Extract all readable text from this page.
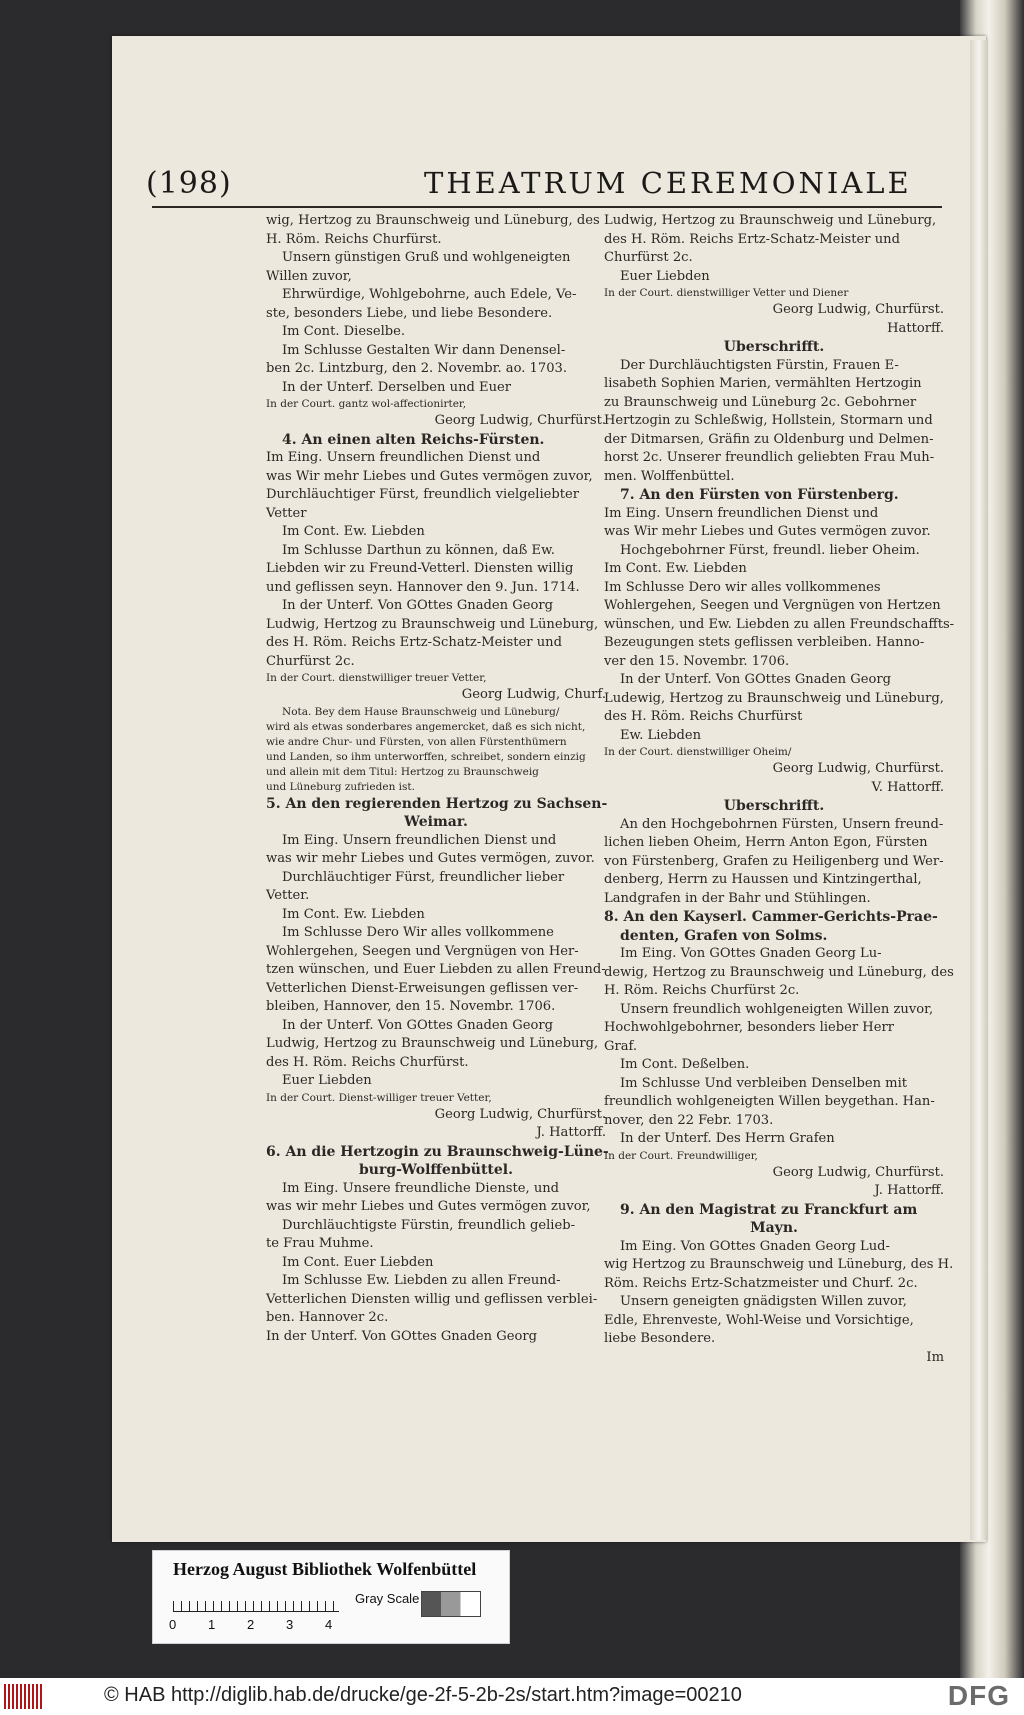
(198)	THEATRUM CEREMONIALE

wig, Hertzog zu Braunschweig und Lüneburg, des

H. Röm. Reichs Churfürst.

Unsern günstigen Gruß und wohlgeneigten

Willen zuvor,

Ehrwürdige, Wohlgebohrne, auch Edele, Ve-

ste, besonders Liebe, und liebe Besondere.

Im Cont. Dieselbe.

Im Schlusse Gestalten Wir dann Denensel-

ben 2c. Lintzburg, den 2. Novembr. ao. 1703.

In der Unterf. Derselben und Euer

In der Court. gantz wol-affectionirter,

Georg Ludwig, Churfürst.

4. An einen alten Reichs-Fürsten.

Im Eing. Unsern freundlichen Dienst und

was Wir mehr Liebes und Gutes vermögen zuvor,

Durchläuchtiger Fürst, freundlich vielgeliebter

Vetter

Im Cont. Ew. Liebden

Im Schlusse Darthun zu können, daß Ew.

Liebden wir zu Freund-Vetterl. Diensten willig

und geflissen seyn. Hannover den 9. Jun. 1714.

In der Unterf. Von GOttes Gnaden Georg

Ludwig, Hertzog zu Braunschweig und Lüneburg,

des H. Röm. Reichs Ertz-Schatz-Meister und

Churfürst 2c.

In der Court. dienstwilliger treuer Vetter,

Georg Ludwig, Churf.

Nota. Bey dem Hause Braunschweig und Lüneburg/

wird als etwas sonderbares angemercket, daß es sich nicht,

wie andre Chur- und Fürsten, von allen Fürstenthümern

und Landen, so ihm unterworffen, schreibet, sondern einzig

und allein mit dem Titul: Hertzog zu Braunschweig

und Lüneburg zufrieden ist.

5. An den regierenden Hertzog zu Sachsen-

Weimar.

Im Eing. Unsern freundlichen Dienst und

was wir mehr Liebes und Gutes vermögen, zuvor.

Durchläuchtiger Fürst, freundlicher lieber

Vetter.

Im Cont. Ew. Liebden

Im Schlusse Dero Wir alles vollkommene

Wohlergehen, Seegen und Vergnügen von Her-

tzen wünschen, und Euer Liebden zu allen Freund-

Vetterlichen Dienst-Erweisungen geflissen ver-

bleiben, Hannover, den 15. Novembr. 1706.

In der Unterf. Von GOttes Gnaden Georg

Ludwig, Hertzog zu Braunschweig und Lüneburg,

des H. Röm. Reichs Churfürst.

Euer Liebden

In der Court. Dienst-williger treuer Vetter,

Georg Ludwig, Churfürst.

J. Hattorff.

6. An die Hertzogin zu Braunschweig-Lüne-

burg-Wolffenbüttel.

Im Eing. Unsere freundliche Dienste, und

was wir mehr Liebes und Gutes vermögen zuvor,

Durchläuchtigste Fürstin, freundlich gelieb-

te Frau Muhme.

Im Cont. Euer Liebden

Im Schlusse Ew. Liebden zu allen Freund-

Vetterlichen Diensten willig und geflissen verblei-

ben. Hannover 2c.

In der Unterf. Von GOttes Gnaden Georg

Ludwig, Hertzog zu Braunschweig und Lüneburg,

des H. Röm. Reichs Ertz-Schatz-Meister und

Churfürst 2c.

Euer Liebden

In der Court. dienstwilliger Vetter und Diener

Georg Ludwig, Churfürst.

Hattorff.

Uberschrifft.

Der Durchläuchtigsten Fürstin, Frauen E-

lisabeth Sophien Marien, vermählten Hertzogin

zu Braunschweig und Lüneburg 2c. Gebohrner

Hertzogin zu Schleßwig, Hollstein, Stormarn und

der Ditmarsen, Gräfin zu Oldenburg und Delmen-

horst 2c. Unserer freundlich geliebten Frau Muh-

men. Wolffenbüttel.

7. An den Fürsten von Fürstenberg.

Im Eing. Unsern freundlichen Dienst und

was Wir mehr Liebes und Gutes vermögen zuvor.

Hochgebohrner Fürst, freundl. lieber Oheim.

Im Cont. Ew. Liebden

Im Schlusse Dero wir alles vollkommenes

Wohlergehen, Seegen und Vergnügen von Hertzen

wünschen, und Ew. Liebden zu allen Freundschaffts-

Bezeugungen stets geflissen verbleiben. Hanno-

ver den 15. Novembr. 1706.

In der Unterf. Von GOttes Gnaden Georg

Ludewig, Hertzog zu Braunschweig und Lüneburg,

des H. Röm. Reichs Churfürst

Ew. Liebden

In der Court. dienstwilliger Oheim/

Georg Ludwig, Churfürst.

V. Hattorff.

Uberschrifft.

An den Hochgebohrnen Fürsten, Unsern freund-

lichen lieben Oheim, Herrn Anton Egon, Fürsten

von Fürstenberg, Grafen zu Heiligenberg und Wer-

denberg, Herrn zu Haussen und Kintzingerthal,

Landgrafen in der Bahr und Stühlingen.

8. An den Kayserl. Cammer-Gerichts-Prae-

denten, Grafen von Solms.

Im Eing. Von GOttes Gnaden Georg Lu-

dewig, Hertzog zu Braunschweig und Lüneburg, des

H. Röm. Reichs Churfürst 2c.

Unsern freundlich wohlgeneigten Willen zuvor,

Hochwohlgebohrner, besonders lieber Herr

Graf.

Im Cont. Deßelben.

Im Schlusse Und verbleiben Denselben mit

freundlich wohlgeneigten Willen beygethan. Han-

nover, den 22 Febr. 1703.

In der Unterf. Des Herrn Grafen

In der Court. Freundwilliger,

Georg Ludwig, Churfürst.

J. Hattorff.

9. An den Magistrat zu Franckfurt am

Mayn.

Im Eing. Von GOttes Gnaden Georg Lud-

wig Hertzog zu Braunschweig und Lüneburg, des H.

Röm. Reichs Ertz-Schatzmeister und Churf. 2c.

Unsern geneigten gnädigsten Willen zuvor,

Edle, Ehrenveste, Wohl-Weise und Vorsichtige,

liebe Besondere.

Im

Herzog August Bibliothek Wolfenbüttel
0 1 2 3 4
Gray Scale
© HAB http://diglib.hab.de/drucke/ge-2f-5-2b-2s/start.htm?image=00210	DFG
